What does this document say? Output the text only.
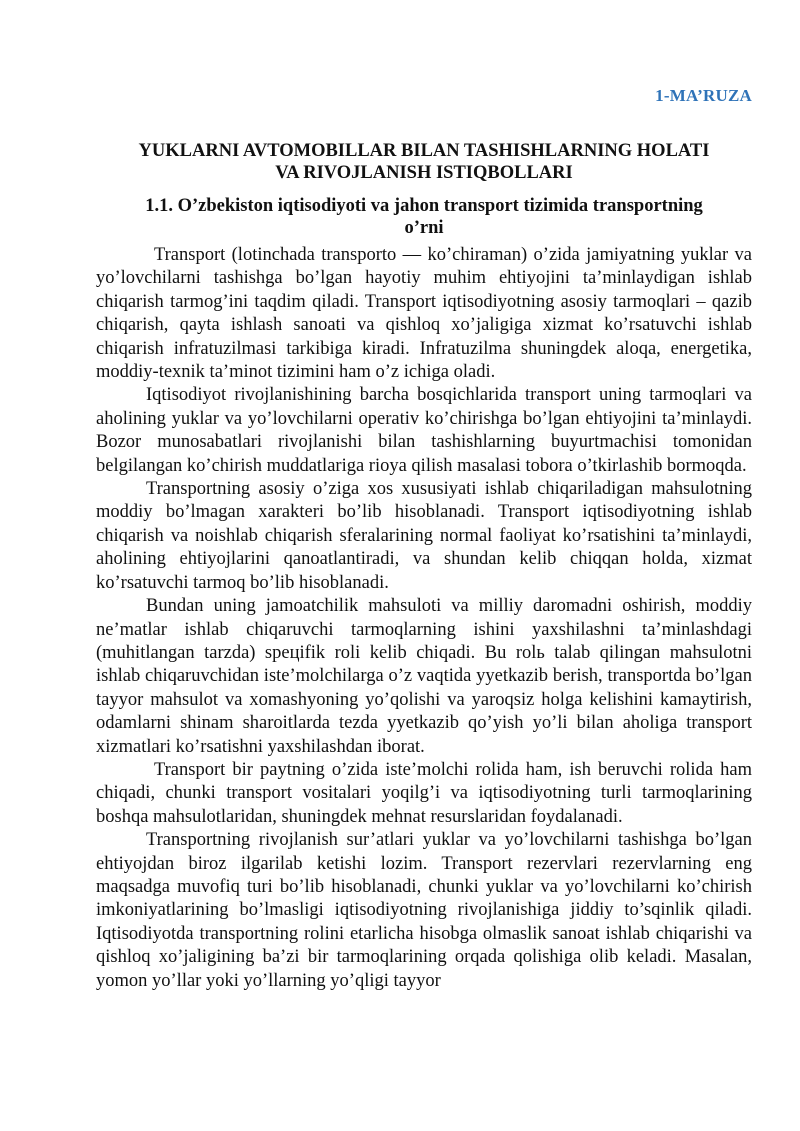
1-MA’RUZA
YUKLARNI AVTOMOBILLAR BILAN TASHISHLARNING HOLATI
VA RIVOJLANISH ISTIQBOLLARI
1.1. O’zbekiston iqtisodiyoti va jahon transport tizimida transportning
o’rni

Transport (lotinchada transporto — ko’chiraman) o’zida jamiyatning yuklar va yo’lovchilarni tashishga bo’lgan hayotiy muhim ehtiyojini ta’minlaydigan ishlab chiqarish tarmog’ini taqdim qiladi. Transport iqtisodiyotning asosiy tarmoqlari – qazib chiqarish, qayta ishlash sanoati va qishloq xo’jaligiga xizmat ko’rsatuvchi ishlab chiqarish infratuzilmasi tarkibiga kiradi. Infratuzilma shuningdek aloqa, energetika, moddiy-texnik ta’minot tizimini ham o’z ichiga oladi.

Iqtisodiyot rivojlanishining barcha bosqichlarida transport uning tarmoqlari va aholining yuklar va yo’lovchilarni operativ ko’chirishga bo’lgan ehtiyojini ta’minlaydi. Bozor munosabatlari rivojlanishi bilan tashishlarning buyurtmachisi tomonidan belgilangan ko’chirish muddatlariga rioya qilish masalasi tobora o’tkirlashib bormoqda.

Transportning asosiy o’ziga xos xususiyati ishlab chiqariladigan mahsulotning moddiy bo’lmagan xarakteri bo’lib hisoblanadi. Transport iqtisodiyotning ishlab chiqarish va noishlab chiqarish sferalarining normal faoliyat ko’rsatishini ta’minlaydi, aholining ehtiyojlarini qanoatlantiradi, va shundan kelib chiqqan holda, xizmat ko’rsatuvchi tarmoq bo’lib hisoblanadi.

Bundan uning jamoatchilik mahsuloti va milliy daromadni oshirish, moddiy ne’matlar ishlab chiqaruvchi tarmoqlarning ishini yaxshilashni ta’minlashdagi (muhitlangan tarzda) speцifik roli kelib chiqadi. Bu rolь talab qilingan mahsulotni ishlab chiqaruvchidan iste’molchilarga o’z vaqtida yyetkazib berish, transportda bo’lgan tayyor mahsulot va xomashyoning yo’qolishi va yaroqsiz holga kelishini kamaytirish, odamlarni shinam sharoitlarda tezda yyetkazib qo’yish yo’li bilan aholiga transport xizmatlari ko’rsatishni yaxshilashdan iborat.

Transport bir paytning o’zida iste’molchi rolida ham, ish beruvchi rolida ham chiqadi, chunki transport vositalari yoqilg’i va iqtisodiyotning turli tarmoqlarining boshqa mahsulotlaridan, shuningdek mehnat resurslaridan foydalanadi.

Transportning rivojlanish sur’atlari yuklar va yo’lovchilarni tashishga bo’lgan ehtiyojdan biroz ilgarilab ketishi lozim. Transport rezervlari rezervlarning eng maqsadga muvofiq turi bo’lib hisoblanadi, chunki yuklar va yo’lovchilarni ko’chirish imkoniyatlarining bo’lmasligi iqtisodiyotning rivojlanishiga jiddiy to’sqinlik qiladi. Iqtisodiyotda transportning rolini etarlicha hisobga olmaslik sanoat ishlab chiqarishi va qishloq xo’jaligining ba’zi bir tarmoqlarining orqada qolishiga olib keladi. Masalan, yomon yo’llar yoki yo’llarning yo’qligi tayyor
